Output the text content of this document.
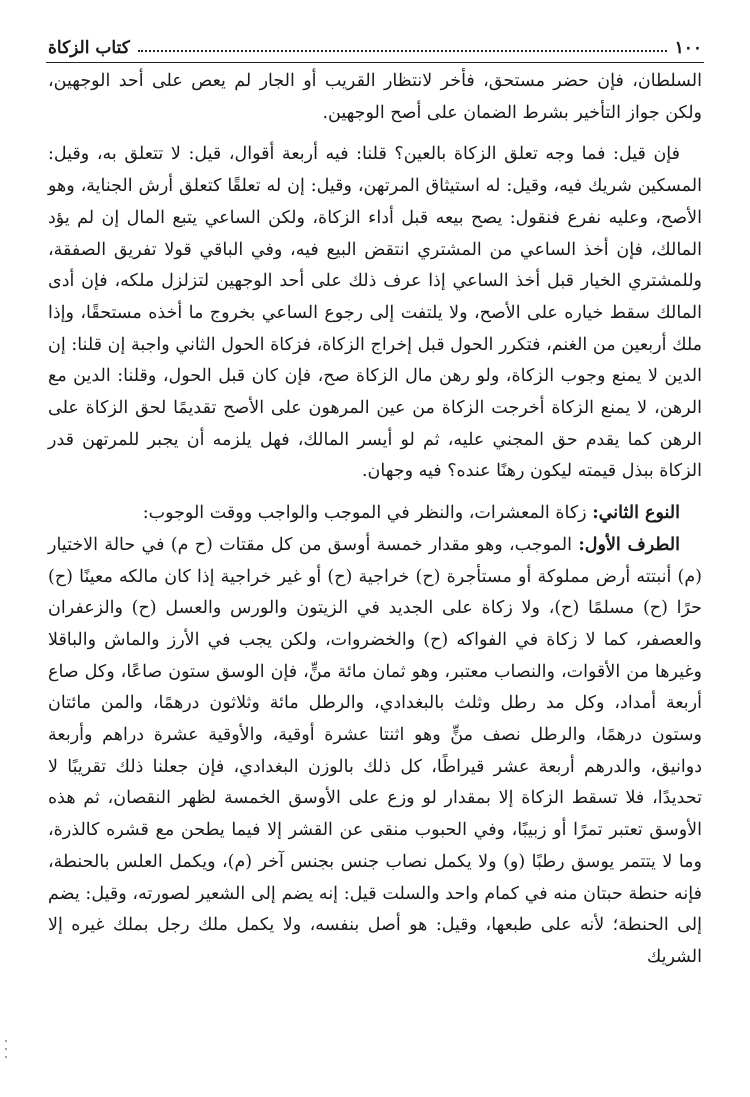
١٠٠
كتاب الزكاة

السلطان، فإن حضر مستحق، فأخر لانتظار القريب أو الجار لم يعص على أحد الوجهين، ولكن جواز التأخير بشرط الضمان على أصح الوجهين.

فإن قيل: فما وجه تعلق الزكاة بالعين؟ قلنا: فيه أربعة أقوال، قيل: لا تتعلق به، وقيل: المسكين شريك فيه، وقيل: له استيثاق المرتهن، وقيل: إن له تعلقًا كتعلق أرش الجناية، وهو الأصح، وعليه نفرع فنقول: يصح بيعه قبل أداء الزكاة، ولكن الساعي يتبع المال إن لم يؤد المالك، فإن أخذ الساعي من المشتري انتقض البيع فيه، وفي الباقي قولا تفريق الصفقة، وللمشتري الخيار قبل أخذ الساعي إذا عرف ذلك على أحد الوجهين لتزلزل ملكه، فإن أدى المالك سقط خياره على الأصح، ولا يلتفت إلى رجوع الساعي بخروج ما أخذه مستحقًا، وإذا ملك أربعين من الغنم، فتكرر الحول قبل إخراج الزكاة، فزكاة الحول الثاني واجبة إن قلنا: إن الدين لا يمنع وجوب الزكاة، ولو رهن مال الزكاة صح، فإن كان قبل الحول، وقلنا: الدين مع الرهن، لا يمنع الزكاة أخرجت الزكاة من عين المرهون على الأصح تقديمًا لحق الزكاة على الرهن كما يقدم حق المجني عليه، ثم لو أيسر المالك، فهل يلزمه أن يجبر للمرتهن قدر الزكاة ببذل قيمته ليكون رهنًا عنده؟ فيه وجهان.

النوع الثاني: زكاة المعشرات، والنظر في الموجب والواجب ووقت الوجوب:

الطرف الأول: الموجب، وهو مقدار خمسة أوسق من كل مقتات (ح م) في حالة الاختيار (م) أنبتته أرض مملوكة أو مستأجرة (ح) خراجية (ح) أو غير خراجية إذا كان مالكه معينًا (ح) حرًا (ح) مسلمًا (ح)، ولا زكاة على الجديد في الزيتون والورس والعسل (ح) والزعفران والعصفر، كما لا زكاة في الفواكه (ح) والخضروات، ولكن يجب في الأرز والماش والباقلا وغيرها من الأقوات، والنصاب معتبر، وهو ثمان مائة منٍّ، فإن الوسق ستون صاعًا، وكل صاع أربعة أمداد، وكل مد رطل وثلث بالبغدادي، والرطل مائة وثلاثون درهمًا، والمن مائتان وستون درهمًا، والرطل نصف منٍّ وهو اثنتا عشرة أوقية، والأوقية عشرة دراهم وأربعة دوانيق، والدرهم أربعة عشر قيراطًا، كل ذلك بالوزن البغدادي، فإن جعلنا ذلك تقريبًا لا تحديدًا، فلا تسقط الزكاة إلا بمقدار لو وزع على الأوسق الخمسة لظهر النقصان، ثم هذه الأوسق تعتبر تمرًا أو زبيبًا، وفي الحبوب منقى عن القشر إلا فيما يطحن مع قشره كالذرة، وما لا يتتمر يوسق رطبًا (و) ولا يكمل نصاب جنس بجنس آخر (م)، ويكمل العلس بالحنطة، فإنه حنطة حبتان منه في كمام واحد والسلت قيل: إنه يضم إلى الشعير لصورته، وقيل: يضم إلى الحنطة؛ لأنه على طبعها، وقيل: هو أصل بنفسه، ولا يكمل ملك رجل بملك غيره إلا الشريك
